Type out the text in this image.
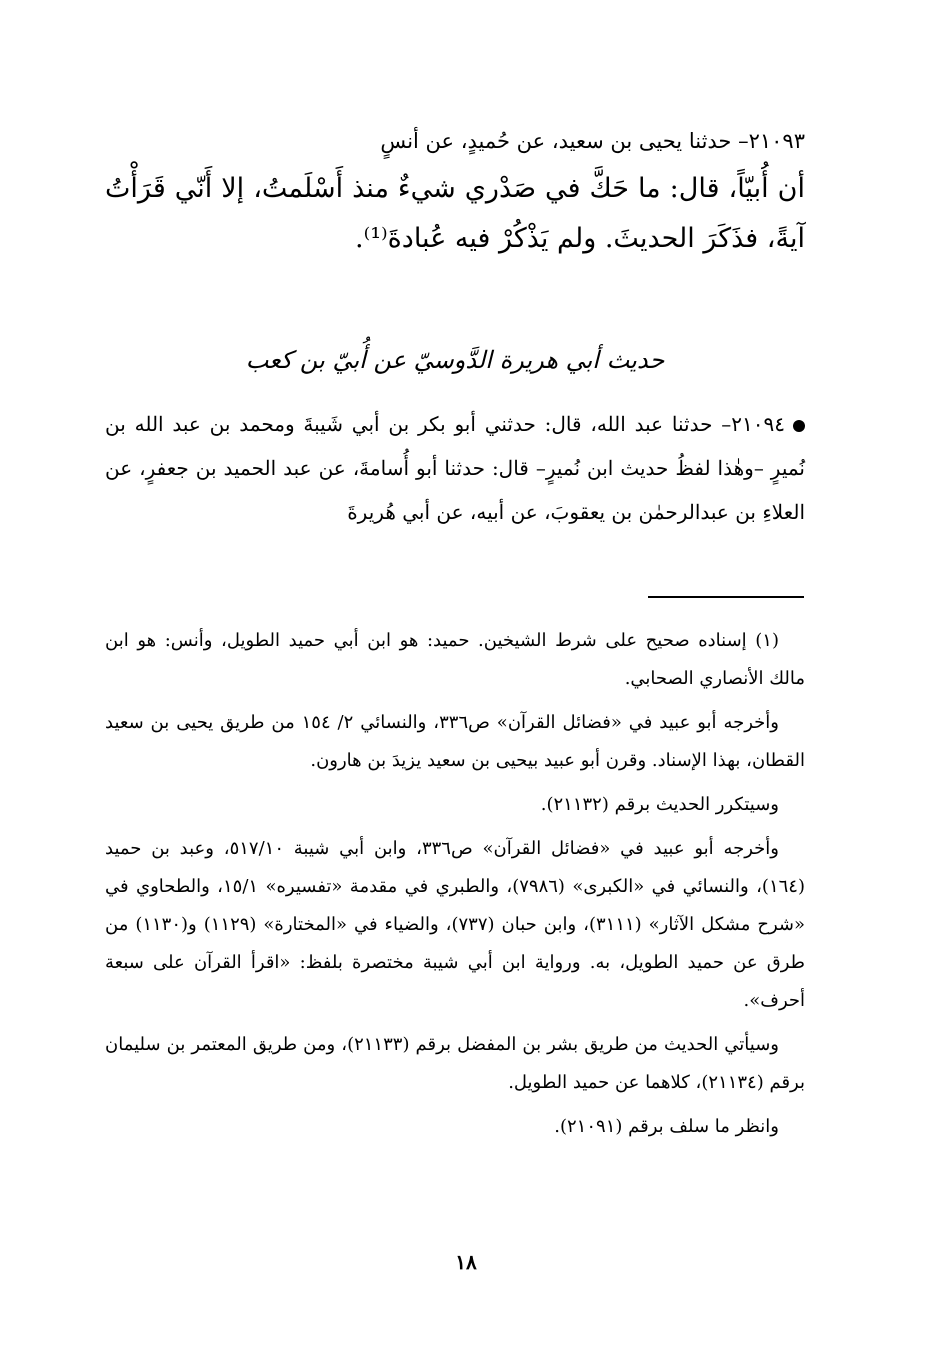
٢١٠٩٣– حدثنا يحيى بن سعيد، عن حُميدٍ، عن أنسٍ
أن أُبيّاً، قال: ما حَكَّ في صَدْري شيءٌ منذ أَسْلَمتُ، إلا أَنّي قَرَأْتُ آيةً، فذَكَرَ الحديثَ. ولم يَذْكُرْ فيه عُبادةَ⁽¹⁾.
حديث أبي هريرة الدَّوسيّ عن أُبيّ بن كعب
٢١٠٩٤– حدثنا عبد الله، قال: حدثني أبو بكر بن أبي شَيبةَ ومحمد بن عبد الله بن نُميرٍ –وهٰذا لفظُ حديث ابن نُميرٍ– قال: حدثنا أبو أُسامةَ، عن عبد الحميد بن جعفرٍ، عن العلاءِ بن عبدالرحمٰن بن يعقوبَ، عن أبيه، عن أبي هُريرةَ

(١) إسناده صحيح على شرط الشيخين. حميد: هو ابن أبي حميد الطويل، وأنس: هو ابن مالك الأنصاري الصحابي.

وأخرجه أبو عبيد في «فضائل القرآن» ص٣٣٦، والنسائي ٢/ ١٥٤ من طريق يحيى بن سعيد القطان، بهذا الإسناد. وقرن أبو عبيد بيحيى بن سعيد يزيدَ بن هارون.

وسيتكرر الحديث برقم (٢١١٣٢).

وأخرجه أبو عبيد في «فضائل القرآن» ص٣٣٦، وابن أبي شيبة ٥١٧/١٠، وعبد بن حميد (١٦٤)، والنسائي في «الكبرى» (٧٩٨٦)، والطبري في مقدمة «تفسيره» ١٥/١، والطحاوي في «شرح مشكل الآثار» (٣١١١)، وابن حبان (٧٣٧)، والضياء في «المختارة» (١١٢٩) و(١١٣٠) من طرق عن حميد الطويل، به. ورواية ابن أبي شيبة مختصرة بلفظ: «اقرأ القرآن على سبعة أحرف».

وسيأتي الحديث من طريق بشر بن المفضل برقم (٢١١٣٣)، ومن طريق المعتمر بن سليمان برقم (٢١١٣٤)، كلاهما عن حميد الطويل.

وانظر ما سلف برقم (٢١٠٩١).

١٨
